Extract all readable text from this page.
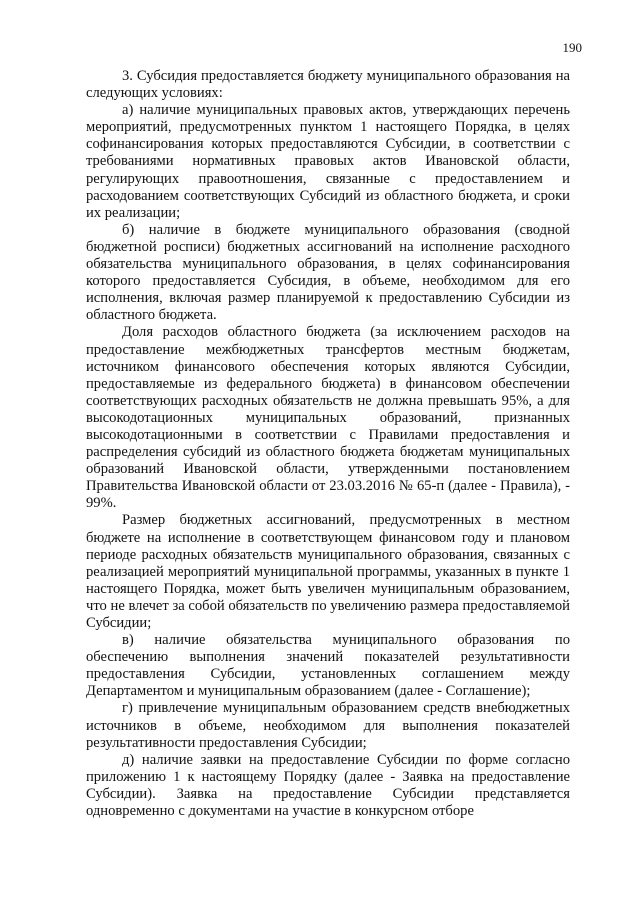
190

3. Субсидия предоставляется бюджету муниципального образования на следующих условиях:

а) наличие муниципальных правовых актов, утверждающих перечень мероприятий, предусмотренных пунктом 1 настоящего Порядка, в целях софинансирования которых предоставляются Субсидии, в соответствии с требованиями нормативных правовых актов Ивановской области, регулирующих правоотношения, связанные с предоставлением и расходованием соответствующих Субсидий из областного бюджета, и сроки их реализации;

б) наличие в бюджете муниципального образования (сводной бюджетной росписи) бюджетных ассигнований на исполнение расходного обязательства муниципального образования, в целях софинансирования которого предоставляется Субсидия, в объеме, необходимом для его исполнения, включая размер планируемой к предоставлению Субсидии из областного бюджета.

Доля расходов областного бюджета (за исключением расходов на предоставление межбюджетных трансфертов местным бюджетам, источником финансового обеспечения которых являются Субсидии, предоставляемые из федерального бюджета) в финансовом обеспечении соответствующих расходных обязательств не должна превышать 95%, а для высокодотационных муниципальных образований, признанных высокодотационными в соответствии с Правилами предоставления и распределения субсидий из областного бюджета бюджетам муниципальных образований Ивановской области, утвержденными постановлением Правительства Ивановской области от 23.03.2016 № 65-п (далее - Правила), - 99%.

Размер бюджетных ассигнований, предусмотренных в местном бюджете на исполнение в соответствующем финансовом году и плановом периоде расходных обязательств муниципального образования, связанных с реализацией мероприятий муниципальной программы, указанных в пункте 1 настоящего Порядка, может быть увеличен муниципальным образованием, что не влечет за собой обязательств по увеличению размера предоставляемой Субсидии;

в) наличие обязательства муниципального образования по обеспечению выполнения значений показателей результативности предоставления Субсидии, установленных соглашением между Департаментом и муниципальным образованием (далее - Соглашение);

г) привлечение муниципальным образованием средств внебюджетных источников в объеме, необходимом для выполнения показателей результативности предоставления Субсидии;

д) наличие заявки на предоставление Субсидии по форме согласно приложению 1 к настоящему Порядку (далее - Заявка на предоставление Субсидии). Заявка на предоставление Субсидии представляется одновременно с документами на участие в конкурсном отборе
